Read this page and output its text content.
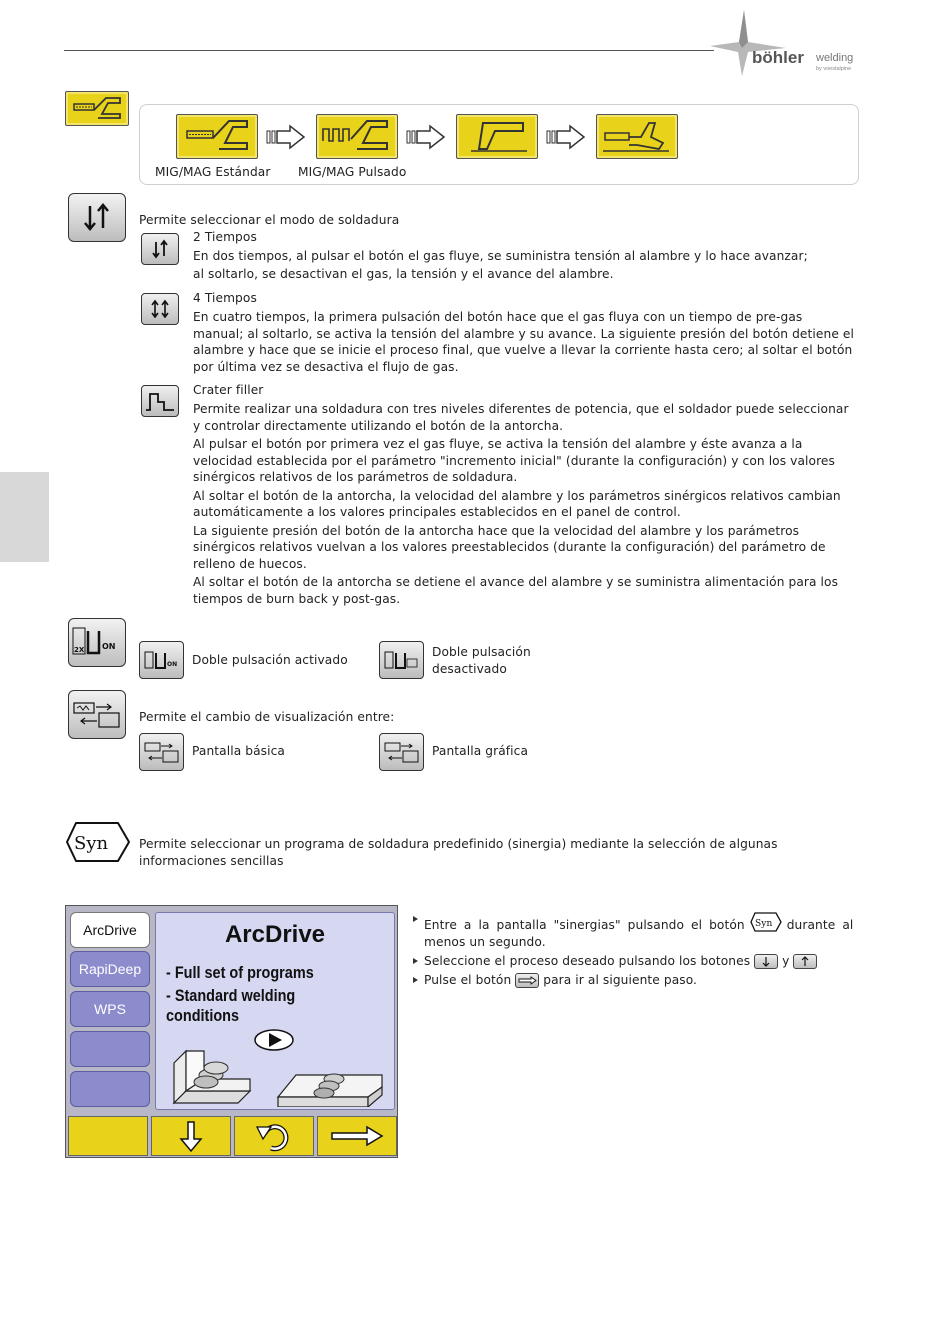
böhler welding
by voestalpine
MIG/MAG Estándar MIG/MAG Pulsado
Permite seleccionar el modo de soldadura
2 Tiempos
En dos tiempos, al pulsar el botón el gas fluye, se suministra tensión al alambre y lo hace avanzar;
al soltarlo, se desactivan el gas, la tensión y el avance del alambre.
4 Tiempos
En cuatro tiempos, la primera pulsación del botón hace que el gas fluya con un tiempo de pre-gas
manual; al soltarlo, se activa la tensión del alambre y su avance. La siguiente presión del botón detiene el
alambre y hace que se inicie el proceso final, que vuelve a llevar la corriente hasta cero; al soltar el botón
por última vez se desactiva el flujo de gas.
Crater filler
Permite realizar una soldadura con tres niveles diferentes de potencia, que el soldador puede seleccionar
y controlar directamente utilizando el botón de la antorcha.
Al pulsar el botón por primera vez el gas fluye, se activa la tensión del alambre y éste avanza a la
velocidad establecida por el parámetro "incremento inicial" (durante la configuración) y con los valores
sinérgicos relativos de los parámetros de soldadura.
Al soltar el botón de la antorcha, la velocidad del alambre y los parámetros sinérgicos relativos cambian
automáticamente a los valores principales establecidos en el panel de control.
La siguiente presión del botón de la antorcha hace que la velocidad del alambre y los parámetros
sinérgicos relativos vuelvan a los valores preestablecidos (durante la configuración) del parámetro de
relleno de huecos.
Al soltar el botón de la antorcha se detiene el avance del alambre y se suministra alimentación para los
tiempos de burn back y post-gas.
2X ON
ON Doble pulsación activado
Doble pulsación
desactivado
Permite el cambio de visualización entre:
Pantalla básica	Pantalla gráfica
Syn	Permite seleccionar un programa de soldadura predefinido (sinergia) mediante la selección de algunas
informaciones sencillas
ArcDrive
RapiDeep
WPS
ArcDrive
- Full set of programs
- Standard welding conditions
Entre a la pantalla "sinergias" pulsando el botón Syn durante al
menos un segundo.
Seleccione el proceso deseado pulsando los botones	y
Pulse el botón	para ir al siguiente paso.
